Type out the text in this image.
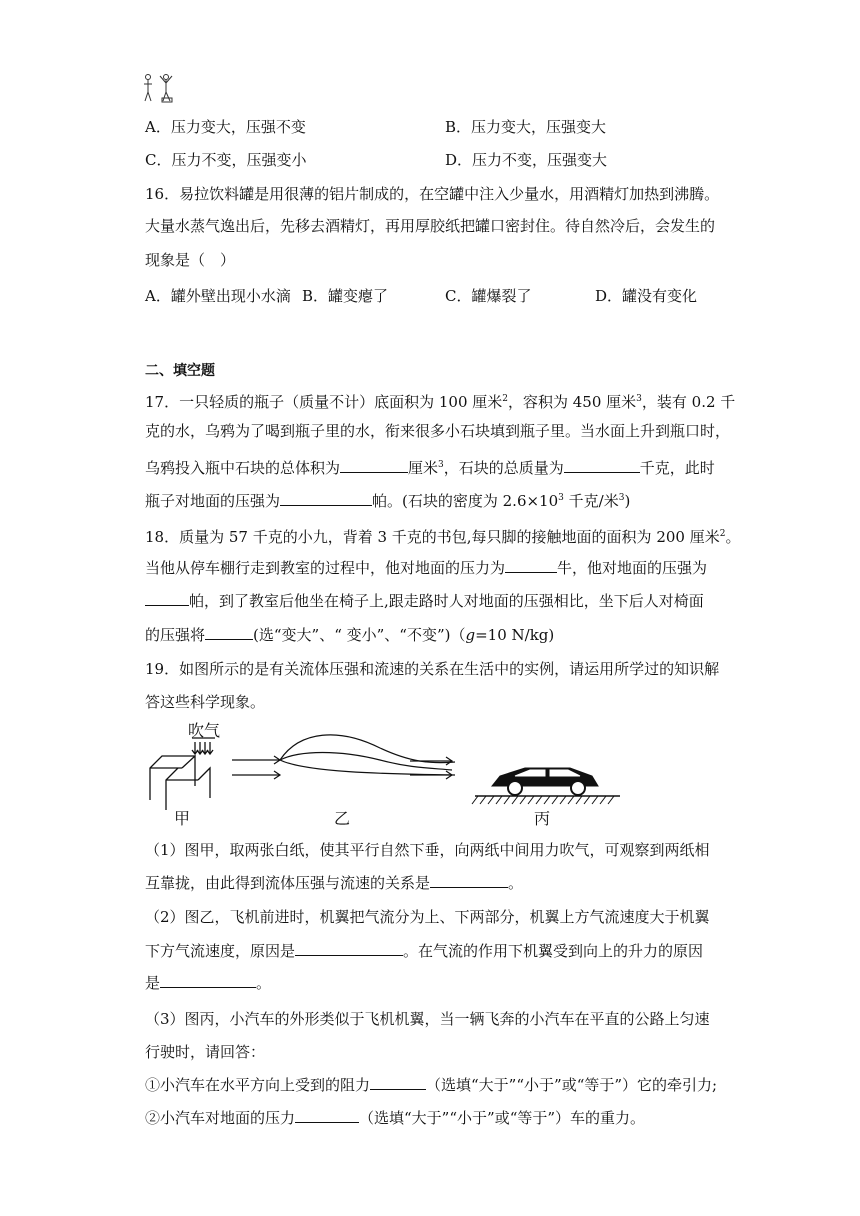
A．压力变大，压强不变	B．压力变大，压强变大
C．压力不变，压强变小	D．压力不变，压强变大
16．易拉饮料罐是用很薄的铝片制成的，在空罐中注入少量水，用酒精灯加热到沸腾。
大量水蒸气逸出后，先移去酒精灯，再用厚胶纸把罐口密封住。待自然冷后，会发生的
现象是（　）
A．罐外壁出现小水滴 B．罐变瘪了	C．罐爆裂了	D．罐没有变化
二、填空题
17．一只轻质的瓶子（质量不计）底面积为 100 厘米$^2$，容积为 450 厘米$^3$，装有 0.2 千
克的水，乌鸦为了喝到瓶子里的水，衔来很多小石块填到瓶子里。当水面上升到瓶口时，
乌鸦投入瓶中石块的总体积为	厘米$^3$，石块的总质量为	千克，此时
瓶子对地面的压强为	帕。(石块的密度为 $2.6\times 10^3$ 千克/米$^3$)
18．质量为 57 千克的小九，背着 3 千克的书包,每只脚的接触地面的面积为 200 厘米$^2$。
当他从停车棚行走到教室的过程中，他对地面的压力为	牛，他对地面的压强为
帕，到了教室后他坐在椅子上,跟走路时人对地面的压强相比，坐下后人对椅面
的压强将	(选“变大”、“ 变小”、“不变”)（g=10 N/kg)
19．如图所示的是有关流体压强和流速的关系在生活中的实例，请运用所学过的知识解
答这些科学现象。
吹气
甲	乙	丙
（1）图甲，取两张白纸，使其平行自然下垂，向两纸中间用力吹气，可观察到两纸相
互靠拢，由此得到流体压强与流速的关系是	。
（2）图乙，飞机前进时，机翼把气流分为上、下两部分，机翼上方气流速度大于机翼
下方气流速度，原因是	。在气流的作用下机翼受到向上的升力的原因
是	。
（3）图丙，小汽车的外形类似于飞机机翼，当一辆飞奔的小汽车在平直的公路上匀速
行驶时，请回答：
①小汽车在水平方向上受到的阻力	（选填“大于”“小于”或“等于”）它的牵引力;
②小汽车对地面的压力	（选填“大于”“小于”或“等于”）车的重力。
